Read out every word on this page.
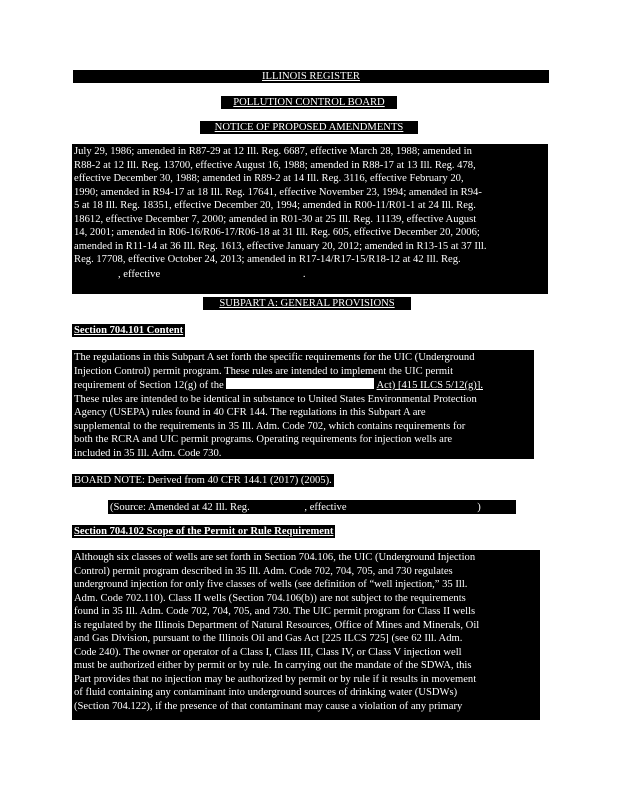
ILLINOIS REGISTER
POLLUTION CONTROL BOARD
NOTICE OF PROPOSED AMENDMENTS
July 29, 1986; amended in R87-29 at 12 Ill. Reg. 6687, effective March 28, 1988; amended in
R88-2 at 12 Ill. Reg. 13700, effective August 16, 1988; amended in R88-17 at 13 Ill. Reg. 478,
effective December 30, 1988; amended in R89-2 at 14 Ill. Reg. 3116, effective February 20,
1990; amended in R94-17 at 18 Ill. Reg. 17641, effective November 23, 1994; amended in R94-
5 at 18 Ill. Reg. 18351, effective December 20, 1994; amended in R00-11/R01-1 at 24 Ill. Reg.
18612, effective December 7, 2000; amended in R01-30 at 25 Ill. Reg. 11139, effective August
14, 2001; amended in R06-16/R06-17/R06-18 at 31 Ill. Reg. 605, effective December 20, 2006;
amended in R11-14 at 36 Ill. Reg. 1613, effective January 20, 2012; amended in R13-15 at 37 Ill.
Reg. 17708, effective October 24, 2013; amended in R17-14/R17-15/R18-12 at 42 Ill. Reg.
, effective	.
SUBPART A: GENERAL PROVISIONS
Section 704.101 Content
The regulations in this Subpart A set forth the specific requirements for the UIC (Underground
Injection Control) permit program. These rules are intended to implement the UIC permit
requirement of Section 12(g) of the	Act) [415 ILCS 5/12(g)].
These rules are intended to be identical in substance to United States Environmental Protection
Agency (USEPA) rules found in 40 CFR 144. The regulations in this Subpart A are
supplemental to the requirements in 35 Ill. Adm. Code 702, which contains requirements for
both the RCRA and UIC permit programs. Operating requirements for injection wells are
included in 35 Ill. Adm. Code 730.
BOARD NOTE: Derived from 40 CFR 144.1 (2017) (2005).
(Source: Amended at 42 Ill. Reg.	, effective	)
Section 704.102 Scope of the Permit or Rule Requirement
Although six classes of wells are set forth in Section 704.106, the UIC (Underground Injection
Control) permit program described in 35 Ill. Adm. Code 702, 704, 705, and 730 regulates
underground injection for only five classes of wells (see definition of “well injection,” 35 Ill.
Adm. Code 702.110). Class II wells (Section 704.106(b)) are not subject to the requirements
found in 35 Ill. Adm. Code 702, 704, 705, and 730. The UIC permit program for Class II wells
is regulated by the Illinois Department of Natural Resources, Office of Mines and Minerals, Oil
and Gas Division, pursuant to the Illinois Oil and Gas Act [225 ILCS 725] (see 62 Ill. Adm.
Code 240). The owner or operator of a Class I, Class III, Class IV, or Class V injection well
must be authorized either by permit or by rule. In carrying out the mandate of the SDWA, this
Part provides that no injection may be authorized by permit or by rule if it results in movement
of fluid containing any contaminant into underground sources of drinking water (USDWs)
(Section 704.122), if the presence of that contaminant may cause a violation of any primary
